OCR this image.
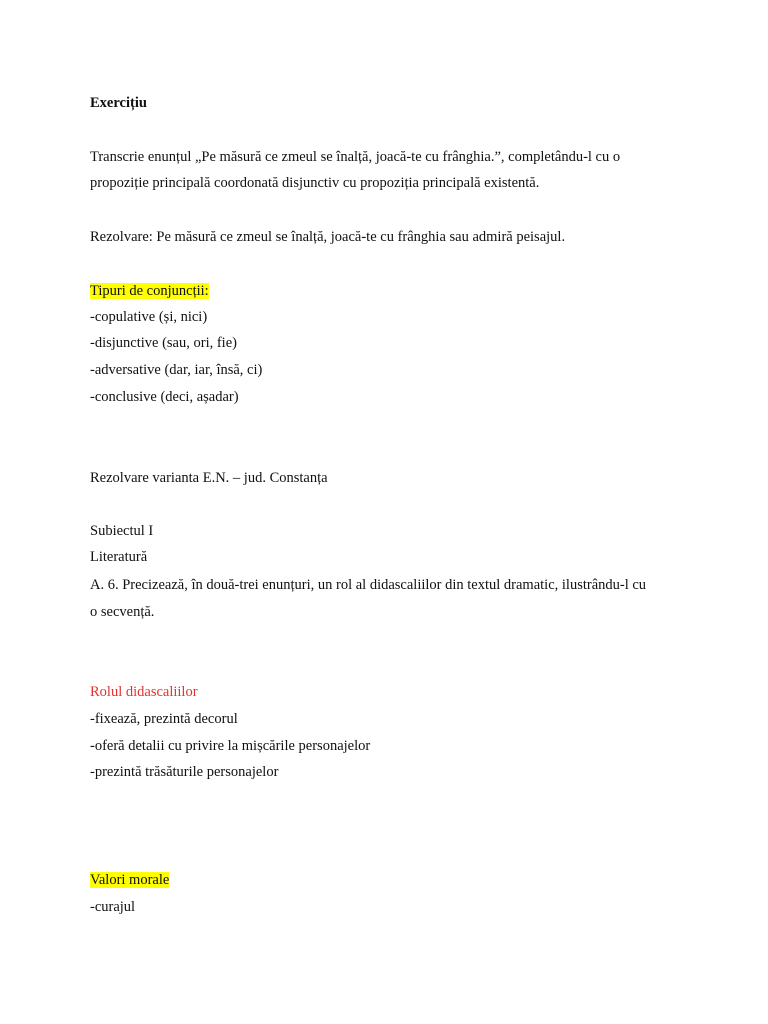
Exercițiu
Transcrie enunțul „Pe măsură ce zmeul se înalță, joacă-te cu frânghia.”, completându-l cu o
propoziție principală coordonată disjunctiv cu propoziția principală existentă.
Rezolvare: Pe măsură ce zmeul se înalță, joacă-te cu frânghia sau admiră peisajul.
Tipuri de conjuncții:
-copulative (și, nici)
-disjunctive (sau, ori, fie)
-adversative (dar, iar, însă, ci)
-conclusive (deci, așadar)
Rezolvare varianta E.N. – jud. Constanța
Subiectul I
Literatură
A. 6. Precizează, în două-trei enunțuri, un rol al didascaliilor din textul dramatic, ilustrându-l cu
o secvență.
Rolul didascaliilor
-fixează, prezintă decorul
-oferă detalii cu privire la mișcările personajelor
-prezintă trăsăturile personajelor
Valori morale
-curajul
